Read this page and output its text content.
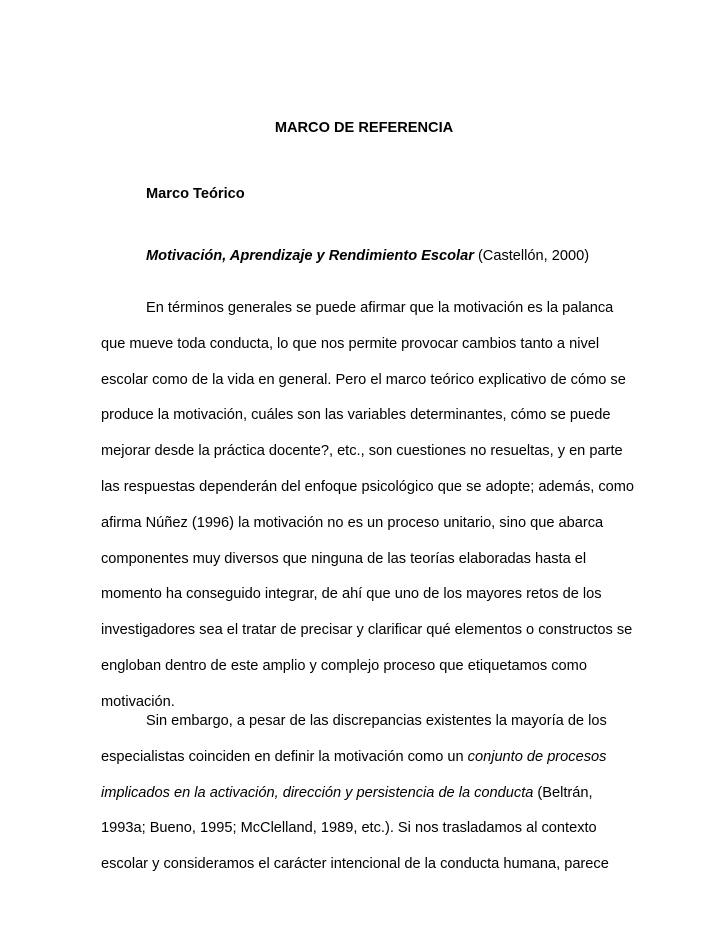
MARCO DE REFERENCIA
Marco Teórico
Motivación, Aprendizaje y Rendimiento Escolar (Castellón, 2000)

En términos generales se puede afirmar que la motivación es la palanca
que mueve toda conducta, lo que nos permite provocar cambios tanto a nivel
escolar como de la vida en general. Pero el marco teórico explicativo de cómo se
produce la motivación, cuáles son las variables determinantes, cómo se puede
mejorar desde la práctica docente?, etc., son cuestiones no resueltas, y en parte
las respuestas dependerán del enfoque psicológico que se adopte; además, como
afirma Núñez (1996) la motivación no es un proceso unitario, sino que abarca
componentes muy diversos que ninguna de las teorías elaboradas hasta el
momento ha conseguido integrar, de ahí que uno de los mayores retos de los
investigadores sea el tratar de precisar y clarificar qué elementos o constructos se
engloban dentro de este amplio y complejo proceso que etiquetamos como
motivación.

Sin embargo, a pesar de las discrepancias existentes la mayoría de los
especialistas coinciden en definir la motivación como un conjunto de procesos
implicados en la activación, dirección y persistencia de la conducta (Beltrán,
1993a; Bueno, 1995; McClelland, 1989, etc.). Si nos trasladamos al contexto
escolar y consideramos el carácter intencional de la conducta humana, parece
